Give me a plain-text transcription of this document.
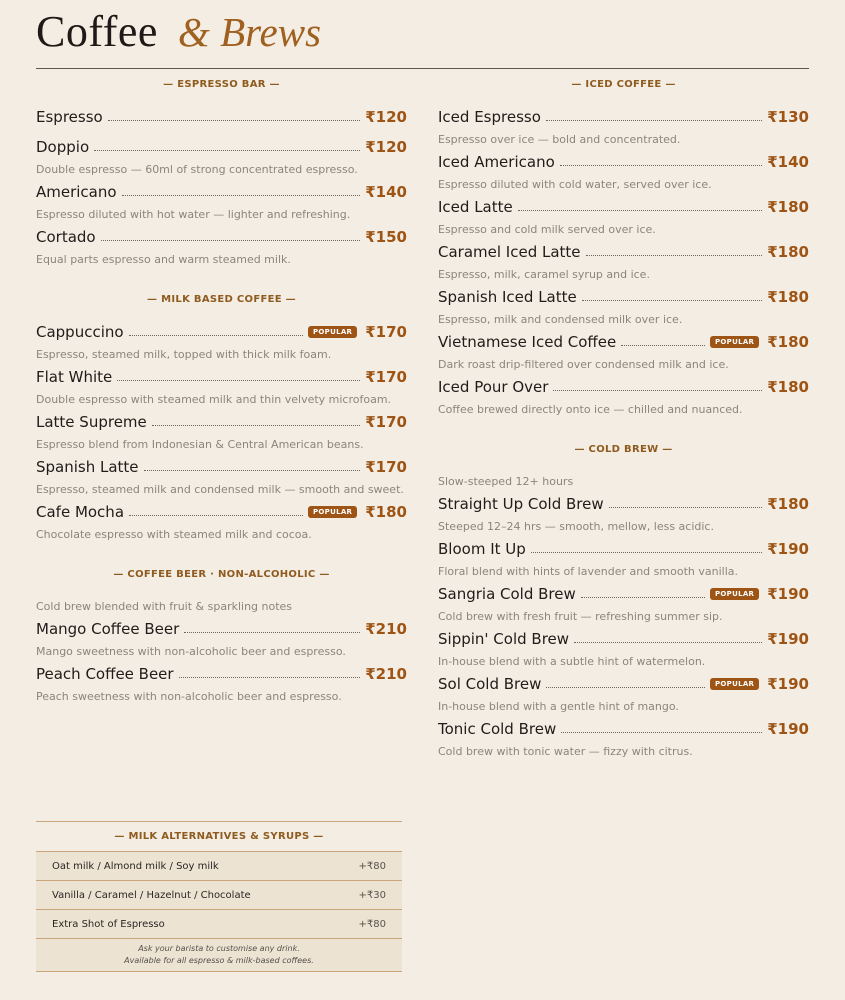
Coffee & Brews
— ESPRESSO BAR —
Espresso	₹120
Doppio	₹120
Double espresso — 60ml of strong concentrated espresso.
Americano	₹140
Espresso diluted with hot water — lighter and refreshing.
Cortado	₹150
Equal parts espresso and warm steamed milk.
— MILK BASED COFFEE —
Cappuccino	POPULAR ₹170
Espresso, steamed milk, topped with thick milk foam.
Flat White	₹170
Double espresso with steamed milk and thin velvety microfoam.
Latte Supreme	₹170
Espresso blend from Indonesian & Central American beans.
Spanish Latte	₹170
Espresso, steamed milk and condensed milk — smooth and sweet.
Cafe Mocha	POPULAR ₹180
Chocolate espresso with steamed milk and cocoa.
— COFFEE BEER · NON-ALCOHOLIC —
Cold brew blended with fruit & sparkling notes
Mango Coffee Beer	₹210
Mango sweetness with non-alcoholic beer and espresso.
Peach Coffee Beer	₹210
Peach sweetness with non-alcoholic beer and espresso.
— ICED COFFEE —
Iced Espresso	₹130
Espresso over ice — bold and concentrated.
Iced Americano	₹140
Espresso diluted with cold water, served over ice.
Iced Latte	₹180
Espresso and cold milk served over ice.
Caramel Iced Latte	₹180
Espresso, milk, caramel syrup and ice.
Spanish Iced Latte	₹180
Espresso, milk and condensed milk over ice.
Vietnamese Iced Coffee	POPULAR ₹180
Dark roast drip-filtered over condensed milk and ice.
Iced Pour Over	₹180
Coffee brewed directly onto ice — chilled and nuanced.
— COLD BREW —
Slow-steeped 12+ hours
Straight Up Cold Brew	₹180
Steeped 12–24 hrs — smooth, mellow, less acidic.
Bloom It Up	₹190
Floral blend with hints of lavender and smooth vanilla.
Sangria Cold Brew	POPULAR ₹190
Cold brew with fresh fruit — refreshing summer sip.
Sippin' Cold Brew	₹190
In-house blend with a subtle hint of watermelon.
Sol Cold Brew	POPULAR ₹190
In-house blend with a gentle hint of mango.
Tonic Cold Brew	₹190
Cold brew with tonic water — fizzy with citrus.
— MILK ALTERNATIVES & SYRUPS —
Oat milk / Almond milk / Soy milk	+₹80
Vanilla / Caramel / Hazelnut / Chocolate	+₹30
Extra Shot of Espresso	+₹80
Ask your barista to customise any drink.
Available for all espresso & milk-based coffees.
